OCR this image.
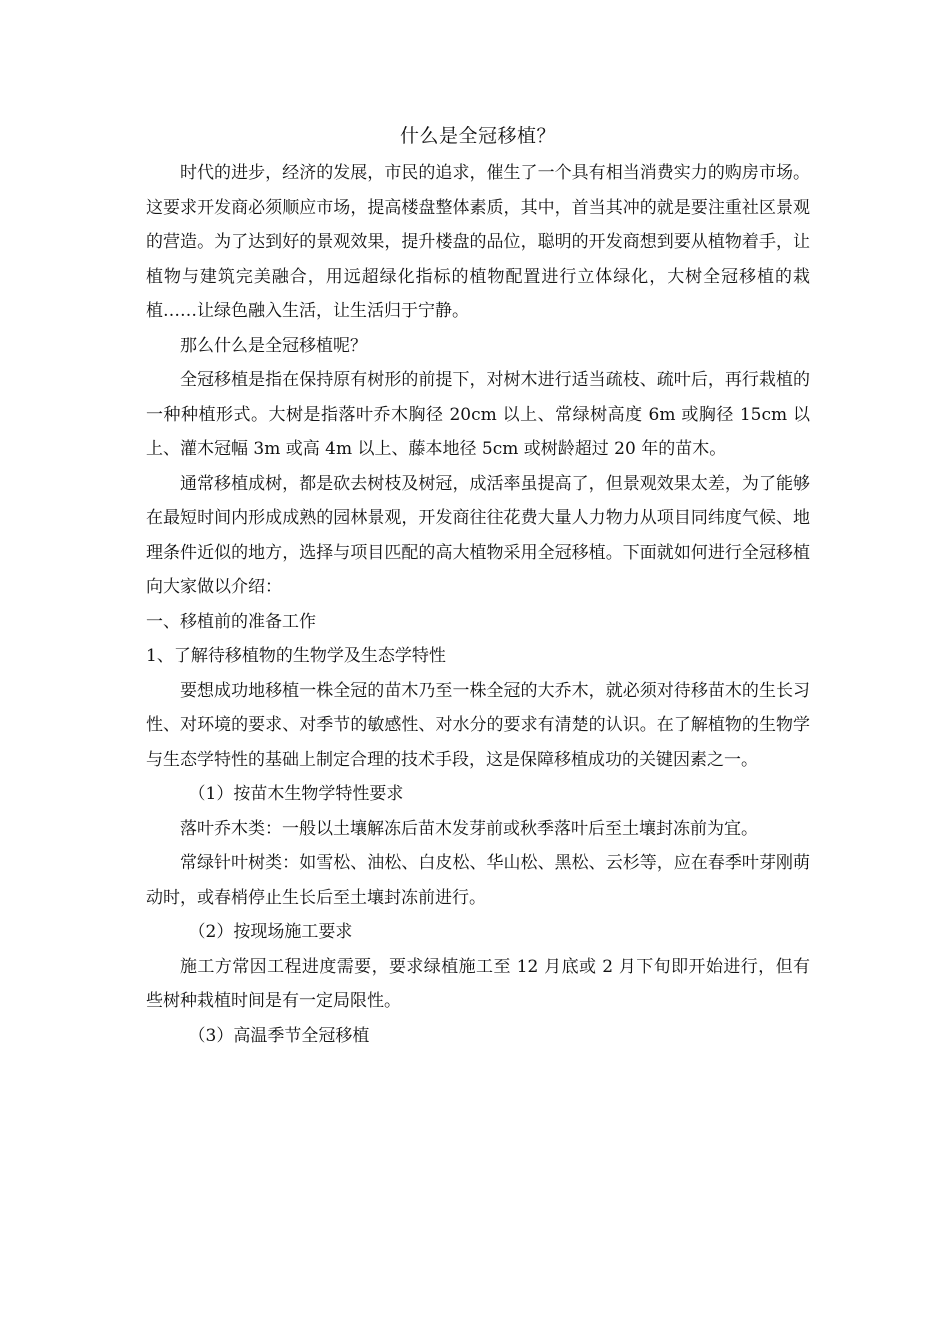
什么是全冠移植？

时代的进步，经济的发展，市民的追求，催生了一个具有相当消费实力的购房市场。这要求开发商必须顺应市场，提高楼盘整体素质，其中，首当其冲的就是要注重社区景观的营造。为了达到好的景观效果，提升楼盘的品位，聪明的开发商想到要从植物着手，让植物与建筑完美融合，用远超绿化指标的植物配置进行立体绿化，大树全冠移植的栽植……让绿色融入生活，让生活归于宁静。

那么什么是全冠移植呢？

全冠移植是指在保持原有树形的前提下，对树木进行适当疏枝、疏叶后，再行栽植的一种种植形式。大树是指落叶乔木胸径 20cm 以上、常绿树高度 6m 或胸径 15cm 以上、灌木冠幅 3m 或高 4m 以上、藤本地径 5cm 或树龄超过 20 年的苗木。

通常移植成树，都是砍去树枝及树冠，成活率虽提高了，但景观效果太差，为了能够在最短时间内形成成熟的园林景观，开发商往往花费大量人力物力从项目同纬度气候、地理条件近似的地方，选择与项目匹配的高大植物采用全冠移植。下面就如何进行全冠移植向大家做以介绍：

一、移植前的准备工作

1、了解待移植物的生物学及生态学特性

要想成功地移植一株全冠的苗木乃至一株全冠的大乔木，就必须对待移苗木的生长习性、对环境的要求、对季节的敏感性、对水分的要求有清楚的认识。在了解植物的生物学与生态学特性的基础上制定合理的技术手段，这是保障移植成功的关键因素之一。

（1）按苗木生物学特性要求

落叶乔木类：一般以土壤解冻后苗木发芽前或秋季落叶后至土壤封冻前为宜。

常绿针叶树类：如雪松、油松、白皮松、华山松、黑松、云杉等，应在春季叶芽刚萌动时，或春梢停止生长后至土壤封冻前进行。

（2）按现场施工要求

施工方常因工程进度需要，要求绿植施工至 12 月底或 2 月下旬即开始进行，但有些树种栽植时间是有一定局限性。

（3）高温季节全冠移植
